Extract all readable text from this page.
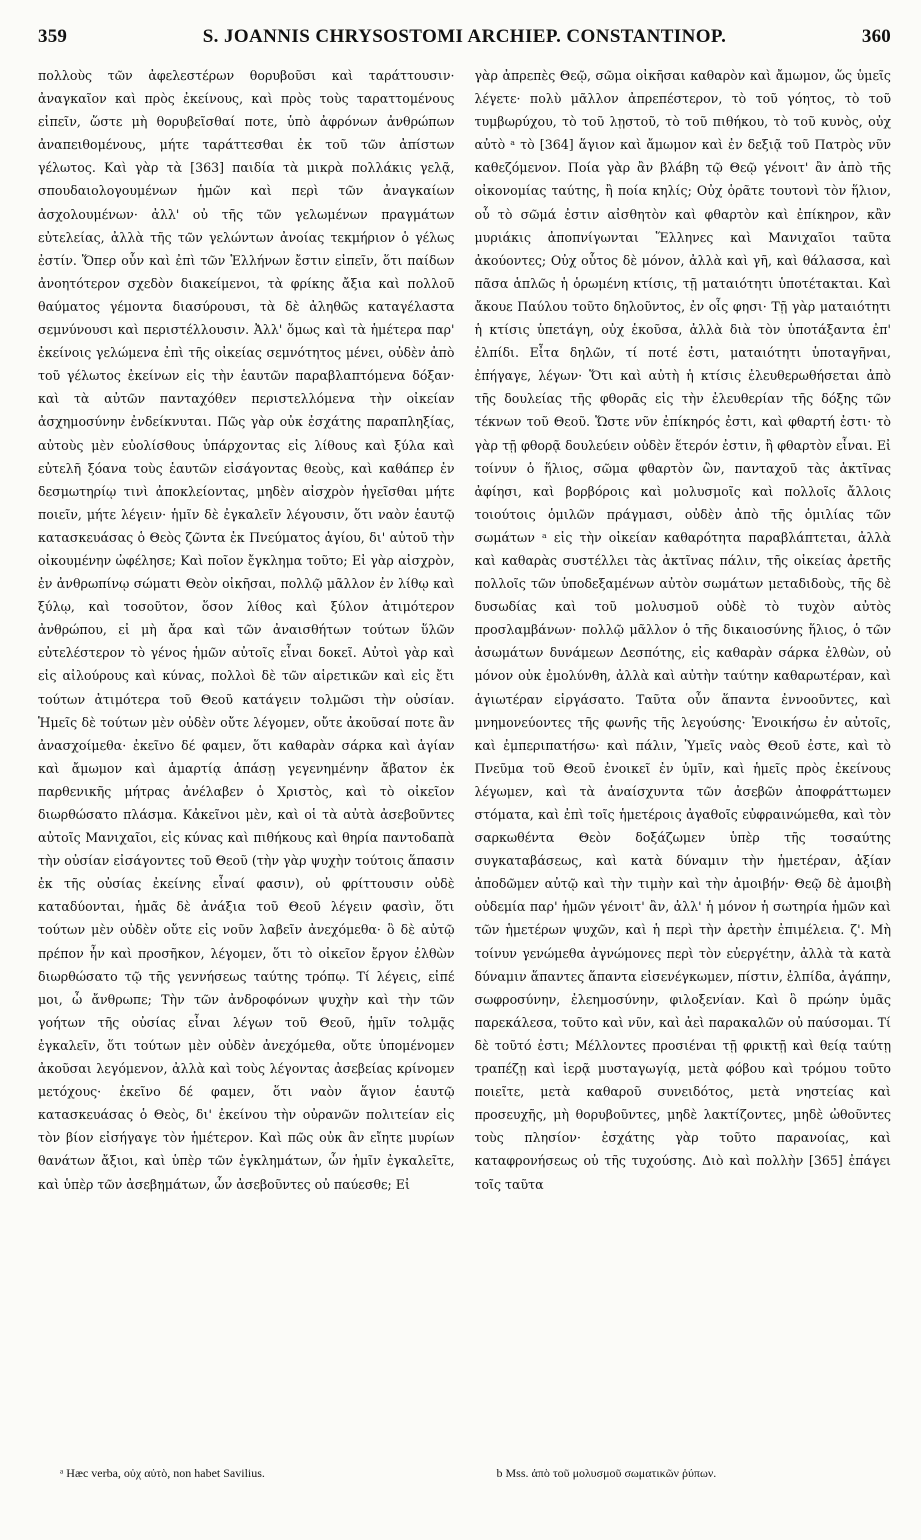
359	S. JOANNIS CHRYSOSTOMI ARCHIEP. CONSTANTINOP.	360

πολλοὺς τῶν ἀφελεστέρων θορυβοῦσι καὶ ταράττουσιν· ἀναγκαῖον καὶ πρὸς ἐκείνους, καὶ πρὸς τοὺς ταραττομένους εἰπεῖν, ὥστε μὴ θορυβεῖσθαί ποτε, ὑπὸ ἀφρόνων ἀνθρώπων ἀναπειθομένους, μήτε ταράττεσθαι ἐκ τοῦ τῶν ἀπίστων γέλωτος. Καὶ γὰρ τὰ [363] παιδία τὰ μικρὰ πολλάκις γελᾷ, σπουδαιολογουμένων ἡμῶν καὶ περὶ τῶν ἀναγκαίων ἀσχολουμένων· ἀλλ' οὐ τῆς τῶν γελωμένων πραγμάτων εὐτελείας, ἀλλὰ τῆς τῶν γελώντων ἀνοίας τεκμήριον ὁ γέλως ἐστίν. Ὅπερ οὖν καὶ ἐπὶ τῶν Ἑλλήνων ἔστιν εἰπεῖν, ὅτι παίδων ἀνοητότερον σχεδὸν διακείμενοι, τὰ φρίκης ἄξια καὶ πολλοῦ θαύματος γέμοντα διασύρουσι, τὰ δὲ ἀληθῶς καταγέλαστα σεμνύνουσι καὶ περιστέλλουσιν. Ἀλλ' ὅμως καὶ τὰ ἡμέτερα παρ' ἐκείνοις γελώμενα ἐπὶ τῆς οἰκείας σεμνότητος μένει, οὐδὲν ἀπὸ τοῦ γέλωτος ἐκείνων εἰς τὴν ἑαυτῶν παραβλαπτόμενα δόξαν· καὶ τὰ αὐτῶν πανταχόθεν περιστελλόμενα τὴν οἰκείαν ἀσχημοσύνην ἐνδείκνυται. Πῶς γὰρ οὐκ ἐσχάτης παραπληξίας, αὐτοὺς μὲν εὐολίσθους ὑπάρχοντας εἰς λίθους καὶ ξύλα καὶ εὐτελῆ ξόανα τοὺς ἑαυτῶν εἰσάγοντας θεοὺς, καὶ καθάπερ ἐν δεσμωτηρίῳ τινὶ ἀποκλείοντας, μηδὲν αἰσχρὸν ἡγεῖσθαι μήτε ποιεῖν, μήτε λέγειν· ἡμῖν δὲ ἐγκαλεῖν λέγουσιν, ὅτι ναὸν ἑαυτῷ κατασκευάσας ὁ Θεὸς ζῶντα ἐκ Πνεύματος ἁγίου, δι' αὐτοῦ τὴν οἰκουμένην ὠφέλησε; Καὶ ποῖον ἔγκλημα τοῦτο; Εἰ γὰρ αἰσχρὸν, ἐν ἀνθρωπίνῳ σώματι Θεὸν οἰκῆσαι, πολλῷ μᾶλλον ἐν λίθῳ καὶ ξύλῳ, καὶ τοσοῦτον, ὅσον λίθος καὶ ξύλον ἀτιμότερον ἀνθρώπου, εἰ μὴ ἄρα καὶ τῶν ἀναισθήτων τούτων ὕλῶν εὐτελέστερον τὸ γένος ἡμῶν αὐτοῖς εἶναι δοκεῖ. Αὐτοὶ γὰρ καὶ εἰς αἰλούρους καὶ κύνας, πολλοὶ δὲ τῶν αἱρετικῶν καὶ εἰς ἔτι τούτων ἀτιμότερα τοῦ Θεοῦ κατάγειν τολμῶσι τὴν οὐσίαν. Ἡμεῖς δὲ τούτων μὲν οὐδὲν οὔτε λέγομεν, οὔτε ἀκοῦσαί ποτε ἂν ἀνασχοίμεθα· ἐκεῖνο δέ φαμεν, ὅτι καθαρὰν σάρκα καὶ ἁγίαν καὶ ἄμωμον καὶ ἁμαρτίᾳ ἁπάσῃ γεγενημένην ἄβατον ἐκ παρθενικῆς μήτρας ἀνέλαβεν ὁ Χριστὸς, καὶ τὸ οἰκεῖον διωρθώσατο πλάσμα. Κἀκεῖνοι μὲν, καὶ οἱ τὰ αὐτὰ ἀσεβοῦντες αὐτοῖς Μανιχαῖοι, εἰς κύνας καὶ πιθήκους καὶ θηρία παντοδαπὰ τὴν οὐσίαν εἰσάγοντες τοῦ Θεοῦ (τὴν γὰρ ψυχὴν τούτοις ἅπασιν ἐκ τῆς οὐσίας ἐκείνης εἶναί φασιν), οὐ φρίττουσιν οὐδὲ καταδύονται, ἡμᾶς δὲ ἀνάξια τοῦ Θεοῦ λέγειν φασὶν, ὅτι τούτων μὲν οὐδὲν οὔτε εἰς νοῦν λαβεῖν ἀνεχόμεθα· ὃ δὲ αὐτῷ πρέπον ἦν καὶ προσῆκον, λέγομεν, ὅτι τὸ οἰκεῖον ἔργον ἐλθὼν διωρθώσατο τῷ τῆς γεννήσεως ταύτης τρόπῳ. Τί λέγεις, εἰπέ μοι, ὦ ἄνθρωπε; Τὴν τῶν ἀνδροφόνων ψυχὴν καὶ τὴν τῶν γοήτων τῆς οὐσίας εἶναι λέγων τοῦ Θεοῦ, ἡμῖν τολμᾷς ἐγκαλεῖν, ὅτι τούτων μὲν οὐδὲν ἀνεχόμεθα, οὔτε ὑπομένομεν ἀκοῦσαι λεγόμενον, ἀλλὰ καὶ τοὺς λέγοντας ἀσεβείας κρίνομεν μετόχους· ἐκεῖνο δέ φαμεν, ὅτι ναὸν ἅγιον ἑαυτῷ κατασκευάσας ὁ Θεὸς, δι' ἐκείνου τὴν οὐρανῶν πολιτείαν εἰς τὸν βίον εἰσήγαγε τὸν ἡμέτερον. Καὶ πῶς οὐκ ἂν εἴητε μυρίων θανάτων ἄξιοι, καὶ ὑπὲρ τῶν ἐγκλημάτων, ὧν ἡμῖν ἐγκαλεῖτε, καὶ ὑπὲρ τῶν ἀσεβημάτων, ὧν ἀσεβοῦντες οὐ παύεσθε; Εἰ

γὰρ ἀπρεπὲς Θεῷ, σῶμα οἰκῆσαι καθαρὸν καὶ ἄμωμον, ὥς ὑμεῖς λέγετε· πολὺ μᾶλλον ἀπρεπέστερον, τὸ τοῦ γόητος, τὸ τοῦ τυμβωρύχου, τὸ τοῦ λῃστοῦ, τὸ τοῦ πιθήκου, τὸ τοῦ κυνὸς, οὐχ αὐτὸ ᵃ τὸ [364] ἅγιον καὶ ἄμωμον καὶ ἐν δεξιᾷ τοῦ Πατρὸς νῦν καθεζόμενον. Ποία γὰρ ἂν βλάβη τῷ Θεῷ γένοιτ' ἂν ἀπὸ τῆς οἰκονομίας ταύτης, ἢ ποία κηλίς; Οὐχ ὁρᾶτε τουτονὶ τὸν ἥλιον, οὗ τὸ σῶμά ἐστιν αἰσθητὸν καὶ φθαρτὸν καὶ ἐπίκηρον, κἂν μυριάκις ἀποπνίγωνται Ἕλληνες καὶ Μανιχαῖοι ταῦτα ἀκούοντες; Οὐχ οὗτος δὲ μόνον, ἀλλὰ καὶ γῆ, καὶ θάλασσα, καὶ πᾶσα ἁπλῶς ἡ ὁρωμένη κτίσις, τῇ ματαιότητι ὑποτέτακται. Καὶ ἄκουε Παύλου τοῦτο δηλοῦντος, ἐν οἷς φησι· Τῇ γὰρ ματαιότητι ἡ κτίσις ὑπετάγη, οὐχ ἑκοῦσα, ἀλλὰ διὰ τὸν ὑποτάξαντα ἐπ' ἐλπίδι. Εἶτα δηλῶν, τί ποτέ ἐστι, ματαιότητι ὑποταγῆναι, ἐπήγαγε, λέγων· Ὅτι καὶ αὐτὴ ἡ κτίσις ἐλευθερωθήσεται ἀπὸ τῆς δουλείας τῆς φθορᾶς εἰς τὴν ἐλευθερίαν τῆς δόξης τῶν τέκνων τοῦ Θεοῦ. Ὥστε νῦν ἐπίκηρός ἐστι, καὶ φθαρτή ἐστι· τὸ γὰρ τῇ φθορᾷ δουλεύειν οὐδὲν ἕτερόν ἐστιν, ἢ φθαρτὸν εἶναι. Εἰ τοίνυν ὁ ἥλιος, σῶμα φθαρτὸν ὢν, πανταχοῦ τὰς ἀκτῖνας ἀφίησι, καὶ βορβόροις καὶ μολυσμοῖς καὶ πολλοῖς ἄλλοις τοιούτοις ὁμιλῶν πράγμασι, οὐδὲν ἀπὸ τῆς ὁμιλίας τῶν σωμάτων ᵃ εἰς τὴν οἰκείαν καθαρότητα παραβλάπτεται, ἀλλὰ καὶ καθαρὰς συστέλλει τὰς ἀκτῖνας πάλιν, τῆς οἰκείας ἀρετῆς πολλοῖς τῶν ὑποδεξαμένων αὐτὸν σωμάτων μεταδιδοὺς, τῆς δὲ δυσωδίας καὶ τοῦ μολυσμοῦ οὐδὲ τὸ τυχὸν αὐτὸς προσλαμβάνων· πολλῷ μᾶλλον ὁ τῆς δικαιοσύνης ἥλιος, ὁ τῶν ἀσωμάτων δυνάμεων Δεσπότης, εἰς καθαρὰν σάρκα ἐλθὼν, οὐ μόνον οὐκ ἐμολύνθη, ἀλλὰ καὶ αὐτὴν ταύτην καθαρωτέραν, καὶ ἁγιωτέραν εἰργάσατο. Ταῦτα οὖν ἅπαντα ἐννοοῦντες, καὶ μνημονεύοντες τῆς φωνῆς τῆς λεγούσης· Ἐνοικήσω ἐν αὐτοῖς, καὶ ἐμπεριπατήσω· καὶ πάλιν, Ὑμεῖς ναὸς Θεοῦ ἐστε, καὶ τὸ Πνεῦμα τοῦ Θεοῦ ἐνοικεῖ ἐν ὑμῖν, καὶ ἡμεῖς πρὸς ἐκείνους λέγωμεν, καὶ τὰ ἀναίσχυντα τῶν ἀσεβῶν ἀποφράττωμεν στόματα, καὶ ἐπὶ τοῖς ἡμετέροις ἀγαθοῖς εὐφραινώμεθα, καὶ τὸν σαρκωθέντα Θεὸν δοξάζωμεν ὑπὲρ τῆς τοσαύτης συγκαταβάσεως, καὶ κατὰ δύναμιν τὴν ἡμετέραν, ἀξίαν ἀποδῶμεν αὐτῷ καὶ τὴν τιμὴν καὶ τὴν ἀμοιβήν· Θεῷ δὲ ἀμοιβὴ οὐδεμία παρ' ἡμῶν γένοιτ' ἂν, ἀλλ' ἡ μόνον ἡ σωτηρία ἡμῶν καὶ τῶν ἡμετέρων ψυχῶν, καὶ ἡ περὶ τὴν ἀρετὴν ἐπιμέλεια. ζ'. Μὴ τοίνυν γενώμεθα ἀγνώμονες περὶ τὸν εὐεργέτην, ἀλλὰ τὰ κατὰ δύναμιν ἅπαντες ἅπαντα εἰσενέγκωμεν, πίστιν, ἐλπίδα, ἀγάπην, σωφροσύνην, ἐλεημοσύνην, φιλοξενίαν. Καὶ ὃ πρώην ὑμᾶς παρεκάλεσα, τοῦτο καὶ νῦν, καὶ ἀεὶ παρακαλῶν οὐ παύσομαι. Τί δὲ τοῦτό ἐστι; Μέλλοντες προσιέναι τῇ φρικτῇ καὶ θείᾳ ταύτῃ τραπέζῃ καὶ ἱερᾷ μυσταγωγίᾳ, μετὰ φόβου καὶ τρόμου τοῦτο ποιεῖτε, μετὰ καθαροῦ συνειδότος, μετὰ νηστείας καὶ προσευχῆς, μὴ θορυβοῦντες, μηδὲ λακτίζοντες, μηδὲ ὠθοῦντες τοὺς πλησίον· ἐσχάτης γὰρ τοῦτο παρανοίας, καὶ καταφρονήσεως οὐ τῆς τυχούσης. Διὸ καὶ πολλὴν [365] ἐπάγει τοῖς ταῦτα

ᵃ Hæc verba, οὐχ αὐτὸ, non habet Savilius.	b Mss. ἀπὸ τοῦ μολυσμοῦ σωματικῶν ῥύπων.
